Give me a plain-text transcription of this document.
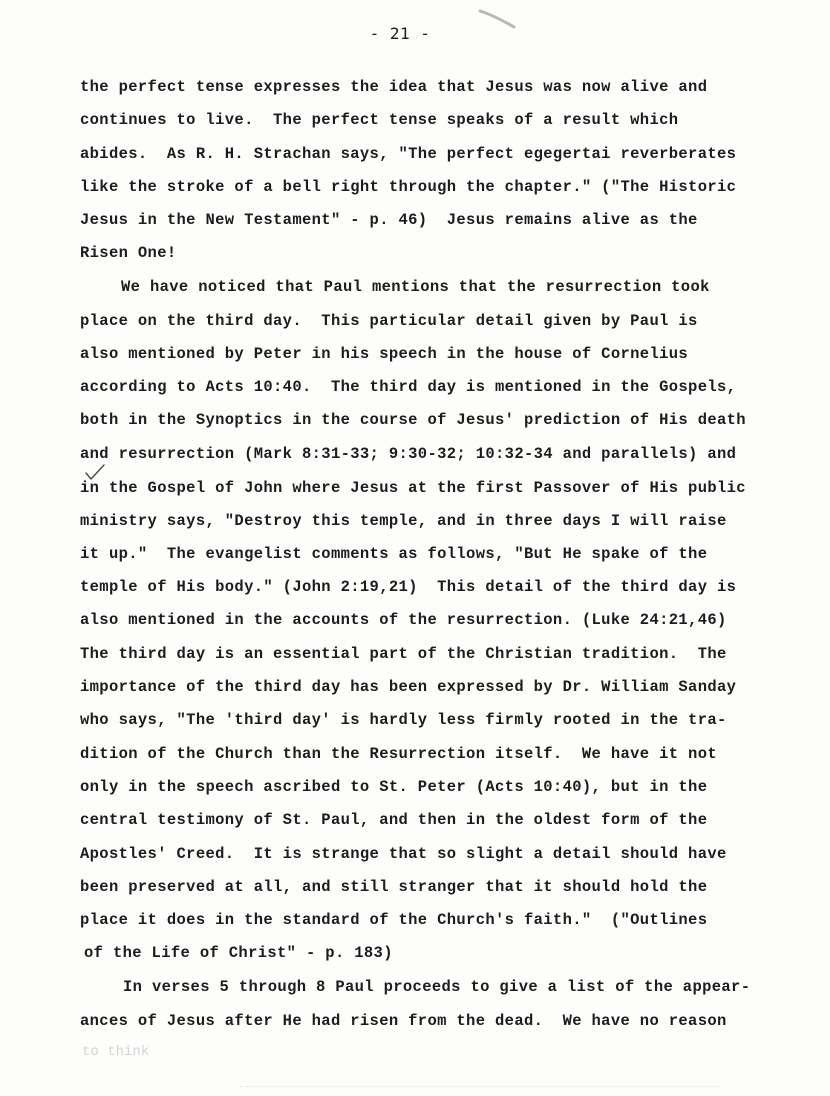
- 21 -
the perfect tense expresses the idea that Jesus was now alive and
continues to live.  The perfect tense speaks of a result which
abides.  As R. H. Strachan says, "The perfect egegertai reverberates
like the stroke of a bell right through the chapter." ("The Historic
Jesus in the New Testament" - p. 46)  Jesus remains alive as the
Risen One!
We have noticed that Paul mentions that the resurrection took
place on the third day.  This particular detail given by Paul is
also mentioned by Peter in his speech in the house of Cornelius
according to Acts 10:40.  The third day is mentioned in the Gospels,
both in the Synoptics in the course of Jesus' prediction of His death
and resurrection (Mark 8:31-33; 9:30-32; 10:32-34 and parallels) and
in the Gospel of John where Jesus at the first Passover of His public
ministry says, "Destroy this temple, and in three days I will raise
it up."  The evangelist comments as follows, "But He spake of the
temple of His body." (John 2:19,21)  This detail of the third day is
also mentioned in the accounts of the resurrection. (Luke 24:21,46)
The third day is an essential part of the Christian tradition.  The
importance of the third day has been expressed by Dr. William Sanday
who says, "The 'third day' is hardly less firmly rooted in the tra-
dition of the Church than the Resurrection itself.  We have it not
only in the speech ascribed to St. Peter (Acts 10:40), but in the
central testimony of St. Paul, and then in the oldest form of the
Apostles' Creed.  It is strange that so slight a detail should have
been preserved at all, and still stranger that it should hold the
place it does in the standard of the Church's faith."  ("Outlines
of the Life of Christ" - p. 183)
In verses 5 through 8 Paul proceeds to give a list of the appear-
ances of Jesus after He had risen from the dead.  We have no reason
to think
